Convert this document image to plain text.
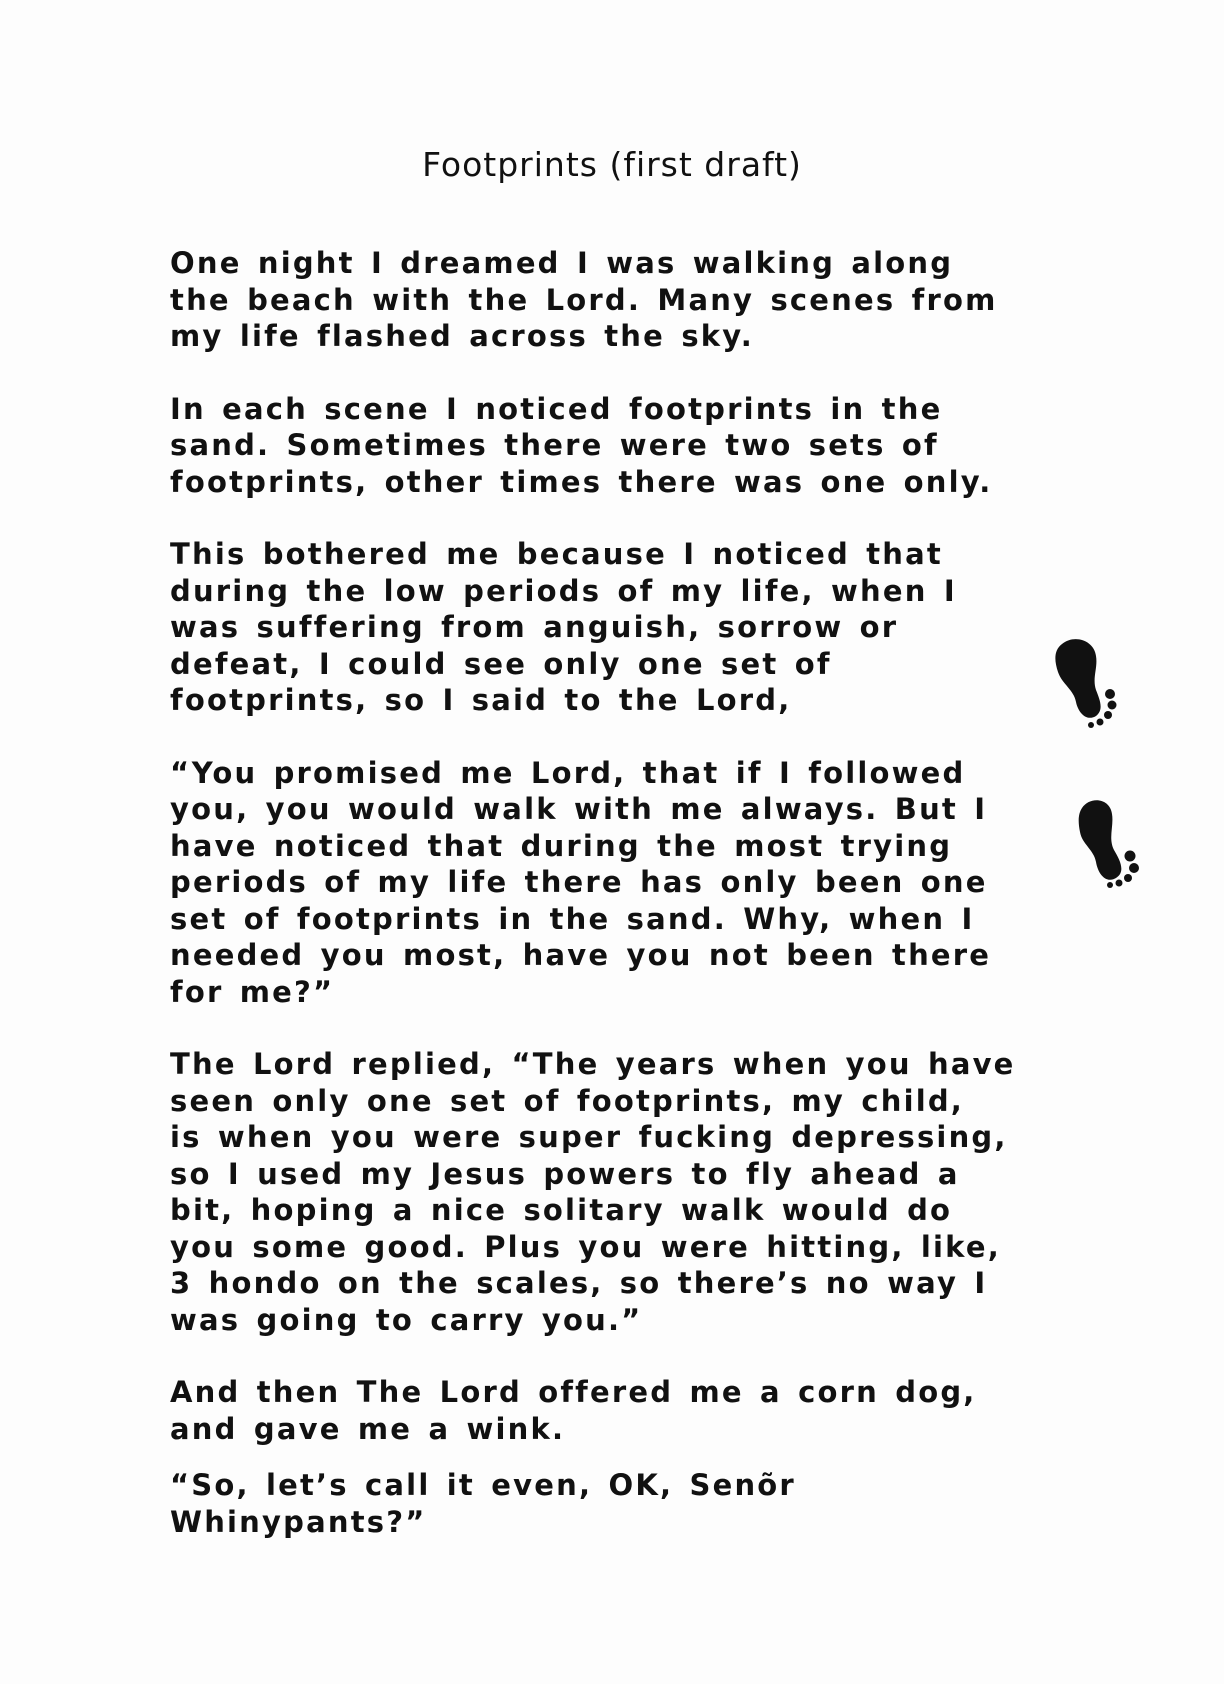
Footprints (first draft)
One night I dreamed I was walking along
the beach with the Lord. Many scenes from
my life flashed across the sky.
In each scene I noticed footprints in the
sand. Sometimes there were two sets of
footprints, other times there was one only.
This bothered me because I noticed that
during the low periods of my life, when I
was suffering from anguish, sorrow or
defeat, I could see only one set of
footprints, so I said to the Lord,
“You promised me Lord, that if I followed
you, you would walk with me always. But I
have noticed that during the most trying
periods of my life there has only been one
set of footprints in the sand. Why, when I
needed you most, have you not been there
for me?”
The Lord replied, “The years when you have
seen only one set of footprints, my child,
is when you were super fucking depressing,
so I used my Jesus powers to fly ahead a
bit, hoping a nice solitary walk would do
you some good. Plus you were hitting, like,
3 hondo on the scales, so there’s no way I
was going to carry you.”
And then The Lord offered me a corn dog,
and gave me a wink.
“So, let’s call it even, OK, Senõr
Whinypants?”
